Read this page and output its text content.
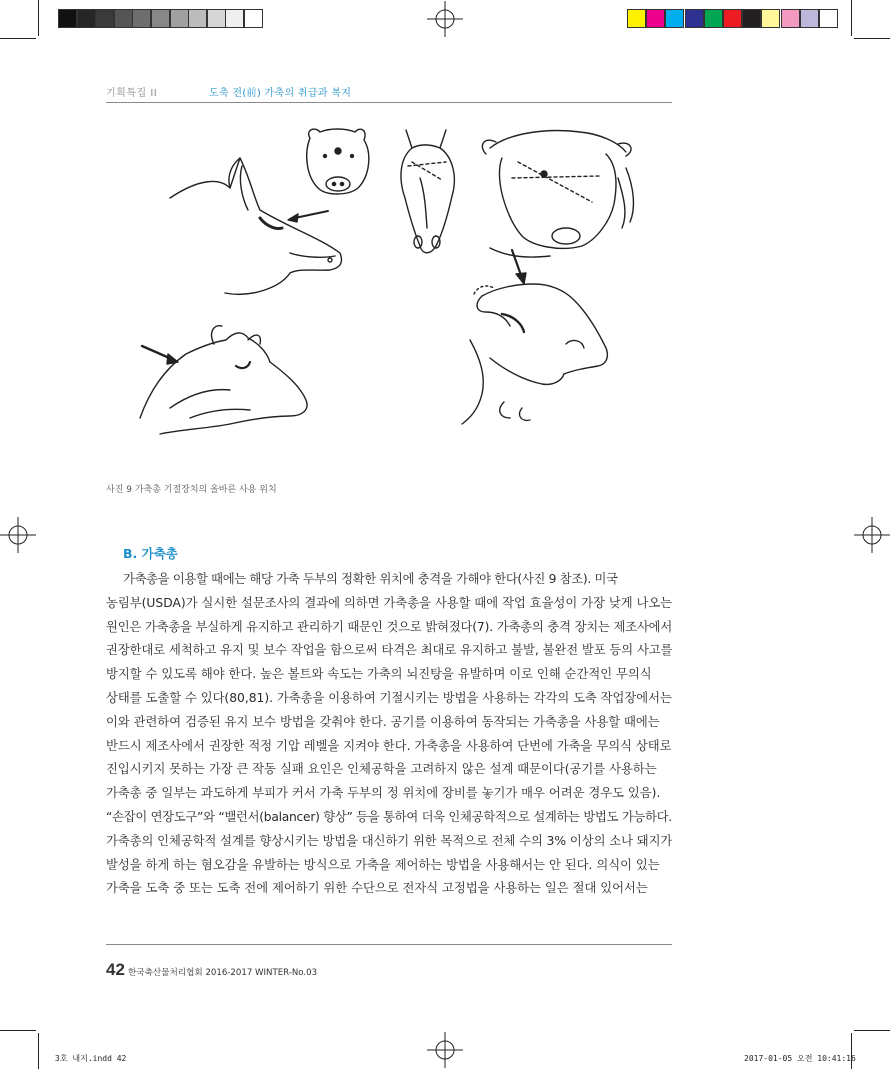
기획특집 II	도축 전(前) 가축의 취급과 복지
사진 9 가축총 기절장치의 올바른 사용 위치
B. 가축총
가축총을 이용할 때에는 해당 가축 두부의 정확한 위치에 충격을 가해야 한다(사진 9 참조). 미국
농림부(USDA)가 실시한 설문조사의 결과에 의하면 가축총을 사용할 때에 작업 효율성이 가장 낮게 나오는
원인은 가축총을 부실하게 유지하고 관리하기 때문인 것으로 밝혀졌다(7). 가축총의 충격 장치는 제조사에서
권장한대로 세척하고 유지 및 보수 작업을 함으로써 타격은 최대로 유지하고 불발, 불완전 발포 등의 사고를
방지할 수 있도록 해야 한다. 높은 볼트와 속도는 가축의 뇌진탕을 유발하며 이로 인해 순간적인 무의식
상태를 도출할 수 있다(80,81). 가축총을 이용하여 기절시키는 방법을 사용하는 각각의 도축 작업장에서는
이와 관련하여 검증된 유지 보수 방법을 갖춰야 한다. 공기를 이용하여 동작되는 가축총을 사용할 때에는
반드시 제조사에서 권장한 적정 기압 레벨을 지켜야 한다. 가축총을 사용하여 단번에 가축을 무의식 상태로
진입시키지 못하는 가장 큰 작동 실패 요인은 인체공학을 고려하지 않은 설계 때문이다(공기를 사용하는
가축총 중 일부는 과도하게 부피가 커서 가축 두부의 정 위치에 장비를 놓기가 매우 어려운 경우도 있음).
“손잡이 연장도구”와 “밸런서(balancer) 향상” 등을 통하여 더욱 인체공학적으로 설계하는 방법도 가능하다.
가축총의 인체공학적 설계를 향상시키는 방법을 대신하기 위한 목적으로 전체 수의 3% 이상의 소나 돼지가
발성을 하게 하는 혐오감을 유발하는 방식으로 가축을 제어하는 방법을 사용해서는 안 된다. 의식이 있는
가축을 도축 중 또는 도축 전에 제어하기 위한 수단으로 전자식 고정법을 사용하는 일은 절대 있어서는
42 한국축산물처리협회 2016-2017 WINTER-No.03
3호 내지.indd 42	2017-01-05 오전 10:41:16
